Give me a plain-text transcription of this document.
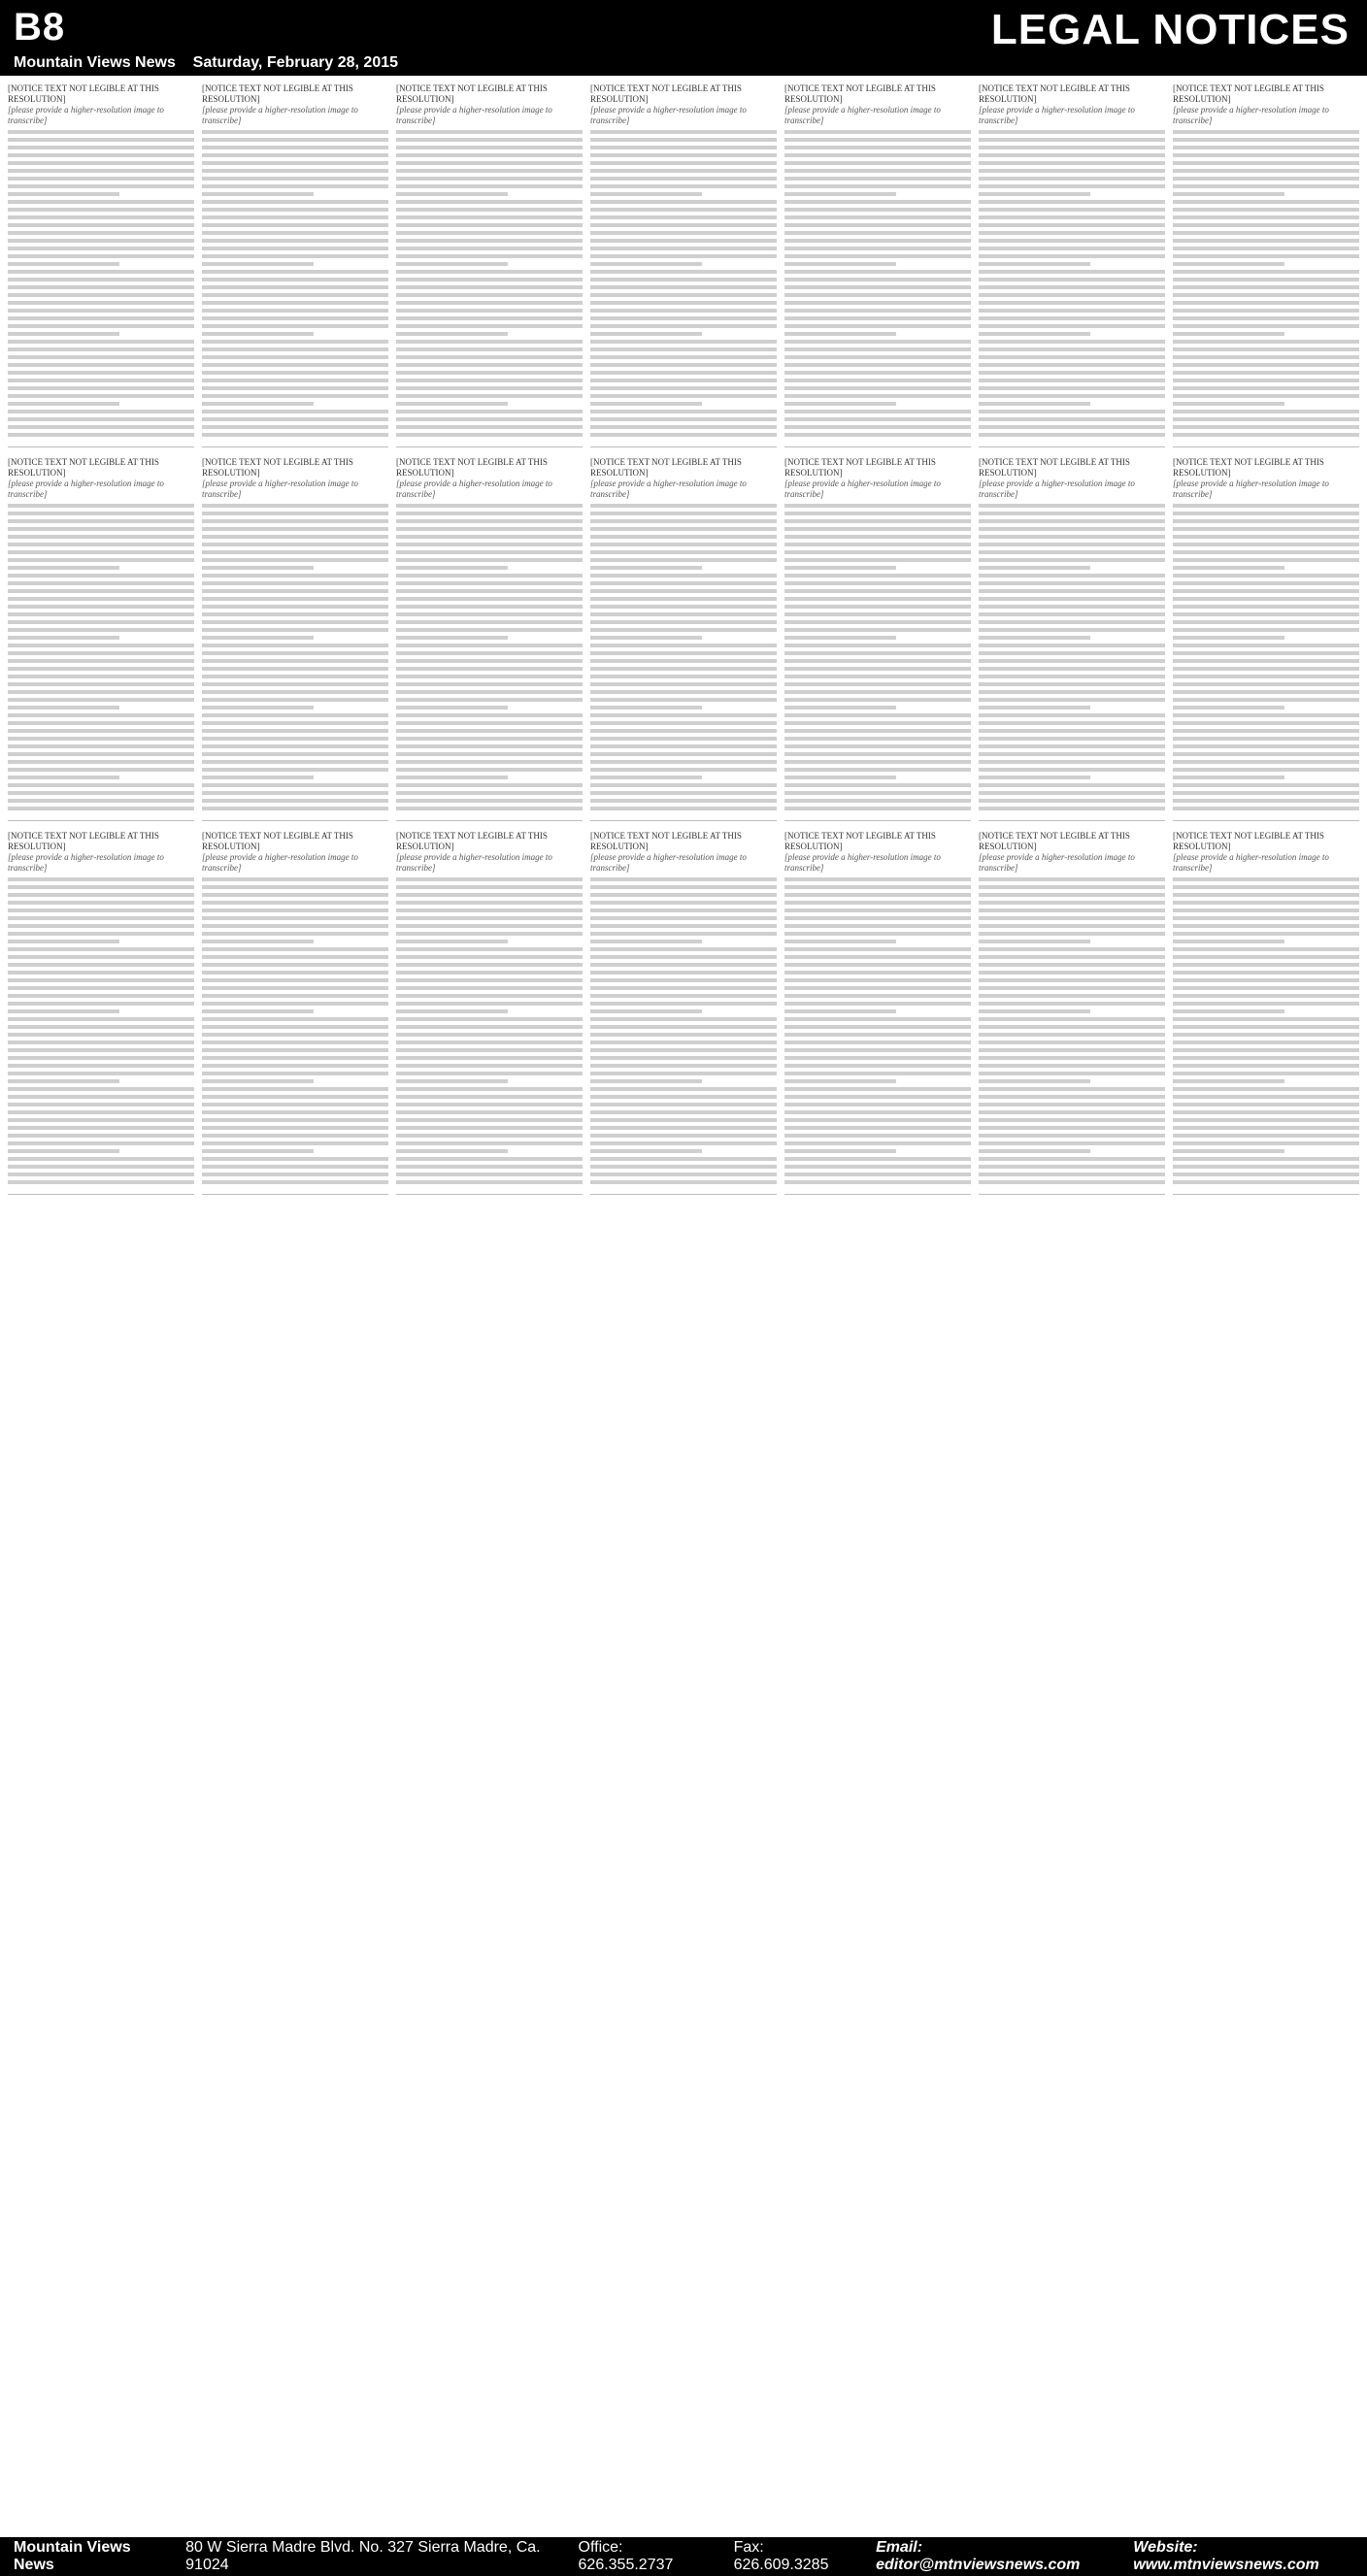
B8	LEGAL NOTICES
Mountain Views News Saturday, February 28, 2015
[NOTICE TEXT NOT LEGIBLE AT THIS RESOLUTION]
[please provide a higher-resolution image to transcribe]
[NOTICE TEXT NOT LEGIBLE AT THIS RESOLUTION]
[please provide a higher-resolution image to transcribe]
[NOTICE TEXT NOT LEGIBLE AT THIS RESOLUTION]
[please provide a higher-resolution image to transcribe]
[NOTICE TEXT NOT LEGIBLE AT THIS RESOLUTION]
[please provide a higher-resolution image to transcribe]
[NOTICE TEXT NOT LEGIBLE AT THIS RESOLUTION]
[please provide a higher-resolution image to transcribe]
[NOTICE TEXT NOT LEGIBLE AT THIS RESOLUTION]
[please provide a higher-resolution image to transcribe]
[NOTICE TEXT NOT LEGIBLE AT THIS RESOLUTION]
[please provide a higher-resolution image to transcribe]
[NOTICE TEXT NOT LEGIBLE AT THIS RESOLUTION]
[please provide a higher-resolution image to transcribe]
[NOTICE TEXT NOT LEGIBLE AT THIS RESOLUTION]
[please provide a higher-resolution image to transcribe]
[NOTICE TEXT NOT LEGIBLE AT THIS RESOLUTION]
[please provide a higher-resolution image to transcribe]
[NOTICE TEXT NOT LEGIBLE AT THIS RESOLUTION]
[please provide a higher-resolution image to transcribe]
[NOTICE TEXT NOT LEGIBLE AT THIS RESOLUTION]
[please provide a higher-resolution image to transcribe]
[NOTICE TEXT NOT LEGIBLE AT THIS RESOLUTION]
[please provide a higher-resolution image to transcribe]
[NOTICE TEXT NOT LEGIBLE AT THIS RESOLUTION]
[please provide a higher-resolution image to transcribe]
[NOTICE TEXT NOT LEGIBLE AT THIS RESOLUTION]
[please provide a higher-resolution image to transcribe]
[NOTICE TEXT NOT LEGIBLE AT THIS RESOLUTION]
[please provide a higher-resolution image to transcribe]
[NOTICE TEXT NOT LEGIBLE AT THIS RESOLUTION]
[please provide a higher-resolution image to transcribe]
[NOTICE TEXT NOT LEGIBLE AT THIS RESOLUTION]
[please provide a higher-resolution image to transcribe]
[NOTICE TEXT NOT LEGIBLE AT THIS RESOLUTION]
[please provide a higher-resolution image to transcribe]
[NOTICE TEXT NOT LEGIBLE AT THIS RESOLUTION]
[please provide a higher-resolution image to transcribe]
[NOTICE TEXT NOT LEGIBLE AT THIS RESOLUTION]
[please provide a higher-resolution image to transcribe]
Mountain Views News
80 W Sierra Madre Blvd. No. 327 Sierra Madre, Ca. 91024
Office: 626.355.2737
Fax: 626.609.3285
Email: editor@mtnviewsnews.com
Website: www.mtnviewsnews.com
